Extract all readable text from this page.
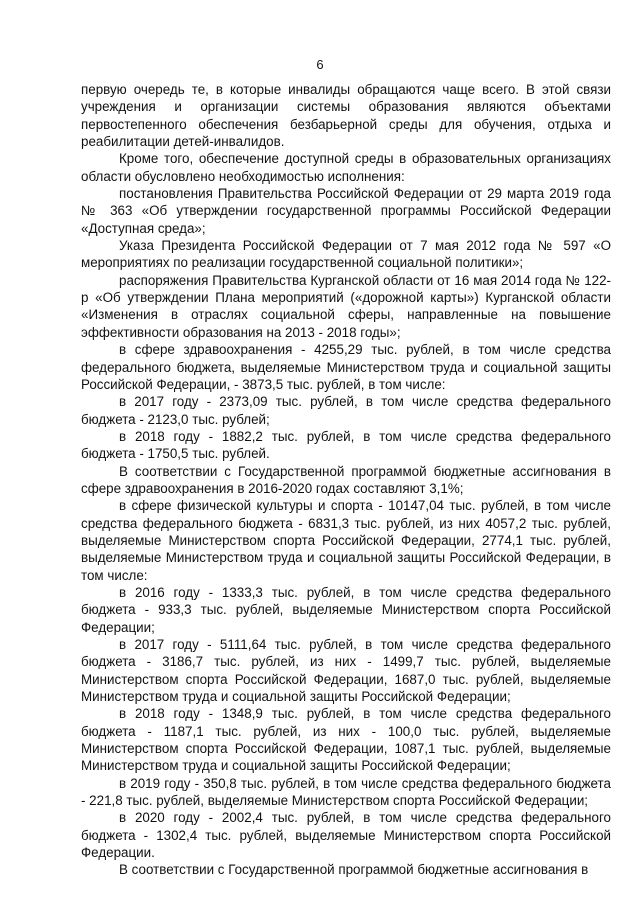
6

первую очередь те, в которые инвалиды обращаются чаще всего. В этой связи учреждения и организации системы образования являются объектами первостепенного обеспечения безбарьерной среды для обучения, отдыха и реабилитации детей-инвалидов.

Кроме того, обеспечение доступной среды в образовательных организациях области обусловлено необходимостью исполнения:

постановления Правительства Российской Федерации от 29 марта 2019 года № 363 «Об утверждении государственной программы Российской Федерации «Доступная среда»;

Указа Президента Российской Федерации от 7 мая 2012 года № 597 «О мероприятиях по реализации государственной социальной политики»;

распоряжения Правительства Курганской области от 16 мая 2014 года № 122-р «Об утверждении Плана мероприятий («дорожной карты») Курганской области «Изменения в отраслях социальной сферы, направленные на повышение эффективности образования на 2013 - 2018 годы»;

в сфере здравоохранения - 4255,29 тыс. рублей, в том числе средства федерального бюджета, выделяемые Министерством труда и социальной защиты Российской Федерации, - 3873,5 тыс. рублей, в том числе:

в 2017 году - 2373,09 тыс. рублей, в том числе средства федерального бюджета - 2123,0 тыс. рублей;

в 2018 году - 1882,2 тыс. рублей, в том числе средства федерального бюджета - 1750,5 тыс. рублей.

В соответствии с Государственной программой бюджетные ассигнования в сфере здравоохранения в 2016-2020 годах составляют 3,1%;

в сфере физической культуры и спорта - 10147,04 тыс. рублей, в том числе средства федерального бюджета - 6831,3 тыс. рублей, из них 4057,2 тыс. рублей, выделяемые Министерством спорта Российской Федерации, 2774,1 тыс. рублей, выделяемые Министерством труда и социальной защиты Российской Федерации, в том числе:

в 2016 году - 1333,3 тыс. рублей, в том числе средства федерального бюджета - 933,3 тыс. рублей, выделяемые Министерством спорта Российской Федерации;

в 2017 году - 5111,64 тыс. рублей, в том числе средства федерального бюджета - 3186,7 тыс. рублей, из них - 1499,7 тыс. рублей, выделяемые Министерством спорта Российской Федерации, 1687,0 тыс. рублей, выделяемые Министерством труда и социальной защиты Российской Федерации;

в 2018 году - 1348,9 тыс. рублей, в том числе средства федерального бюджета - 1187,1 тыс. рублей, из них - 100,0 тыс. рублей, выделяемые Министерством спорта Российской Федерации, 1087,1 тыс. рублей, выделяемые Министерством труда и социальной защиты Российской Федерации;

в 2019 году - 350,8 тыс. рублей, в том числе средства федерального бюджета - 221,8 тыс. рублей, выделяемые Министерством спорта Российской Федерации;

в 2020 году - 2002,4 тыс. рублей, в том числе средства федерального бюджета - 1302,4 тыс. рублей, выделяемые Министерством спорта Российской Федерации.

В соответствии с Государственной программой бюджетные ассигнования в
